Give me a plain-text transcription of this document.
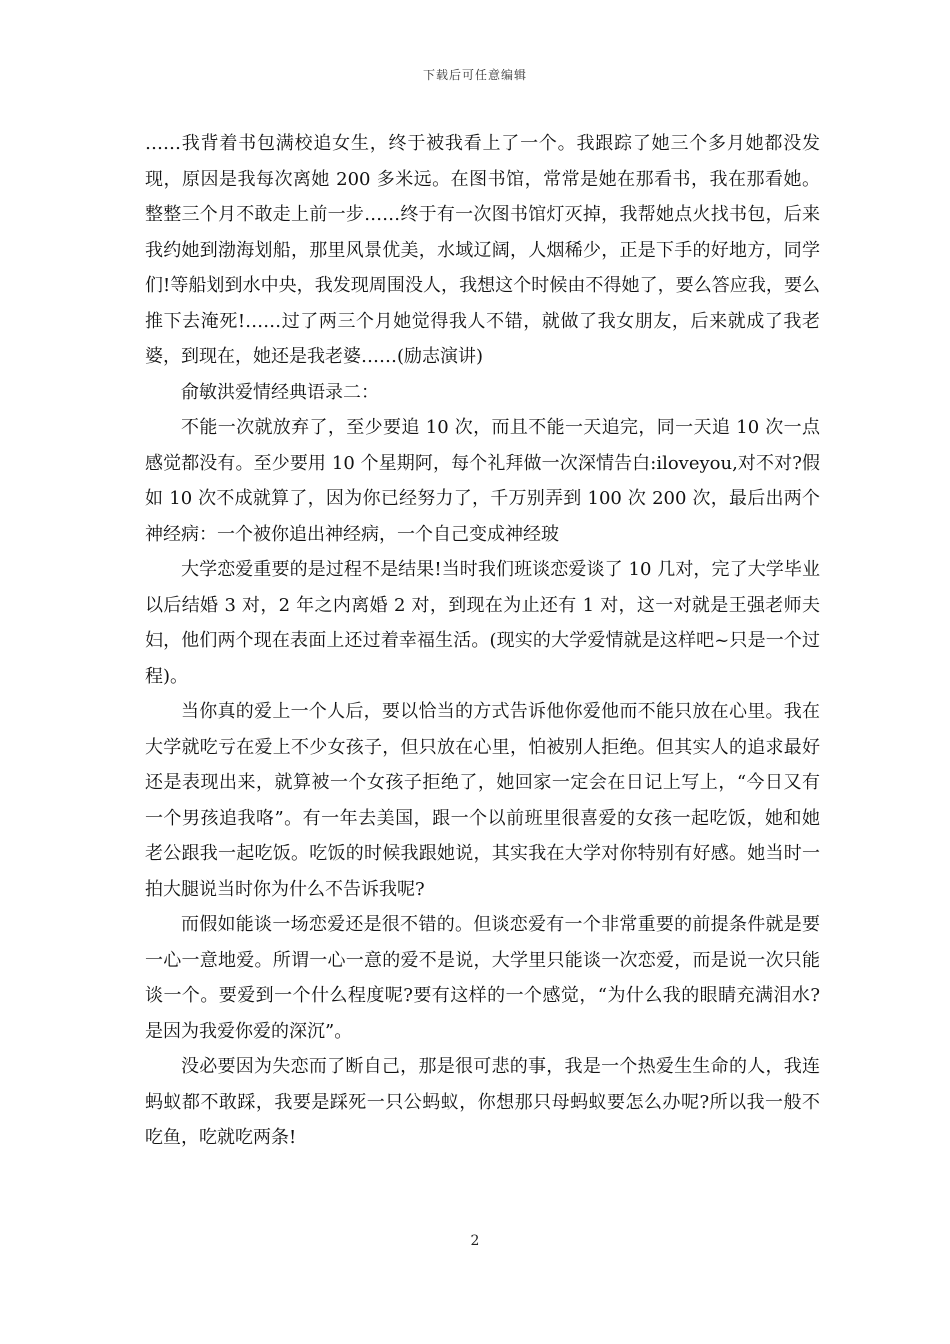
下载后可任意编辑

……我背着书包满校追女生，终于被我看上了一个。我跟踪了她三个多月她都没发现，原因是我每次离她 200 多米远。在图书馆，常常是她在那看书，我在那看她。整整三个月不敢走上前一步……终于有一次图书馆灯灭掉，我帮她点火找书包，后来我约她到渤海划船，那里风景优美，水域辽阔，人烟稀少，正是下手的好地方，同学们!等船划到水中央，我发现周围没人，我想这个时候由不得她了，要么答应我，要么推下去淹死!……过了两三个月她觉得我人不错，就做了我女朋友，后来就成了我老婆，到现在，她还是我老婆……(励志演讲)

俞敏洪爱情经典语录二：

不能一次就放弃了，至少要追 10 次，而且不能一天追完，同一天追 10 次一点感觉都没有。至少要用 10 个星期阿，每个礼拜做一次深情告白:iloveyou,对不对?假如 10 次不成就算了，因为你已经努力了，千万别弄到 100 次 200 次，最后出两个神经病：一个被你追出神经病，一个自己变成神经玻

大学恋爱重要的是过程不是结果!当时我们班谈恋爱谈了 10 几对，完了大学毕业以后结婚 3 对，2 年之内离婚 2 对，到现在为止还有 1 对，这一对就是王强老师夫妇，他们两个现在表面上还过着幸福生活。(现实的大学爱情就是这样吧~只是一个过程)。

当你真的爱上一个人后，要以恰当的方式告诉他你爱他而不能只放在心里。我在大学就吃亏在爱上不少女孩子，但只放在心里，怕被别人拒绝。但其实人的追求最好还是表现出来，就算被一个女孩子拒绝了，她回家一定会在日记上写上，“今日又有一个男孩追我咯”。有一年去美国，跟一个以前班里很喜爱的女孩一起吃饭，她和她老公跟我一起吃饭。吃饭的时候我跟她说，其实我在大学对你特别有好感。她当时一拍大腿说当时你为什么不告诉我呢?

而假如能谈一场恋爱还是很不错的。但谈恋爱有一个非常重要的前提条件就是要一心一意地爱。所谓一心一意的爱不是说，大学里只能谈一次恋爱，而是说一次只能谈一个。要爱到一个什么程度呢?要有这样的一个感觉，“为什么我的眼睛充满泪水?是因为我爱你爱的深沉”。

没必要因为失恋而了断自己，那是很可悲的事，我是一个热爱生生命的人，我连蚂蚁都不敢踩，我要是踩死一只公蚂蚁，你想那只母蚂蚁要怎么办呢?所以我一般不吃鱼，吃就吃两条!

2
